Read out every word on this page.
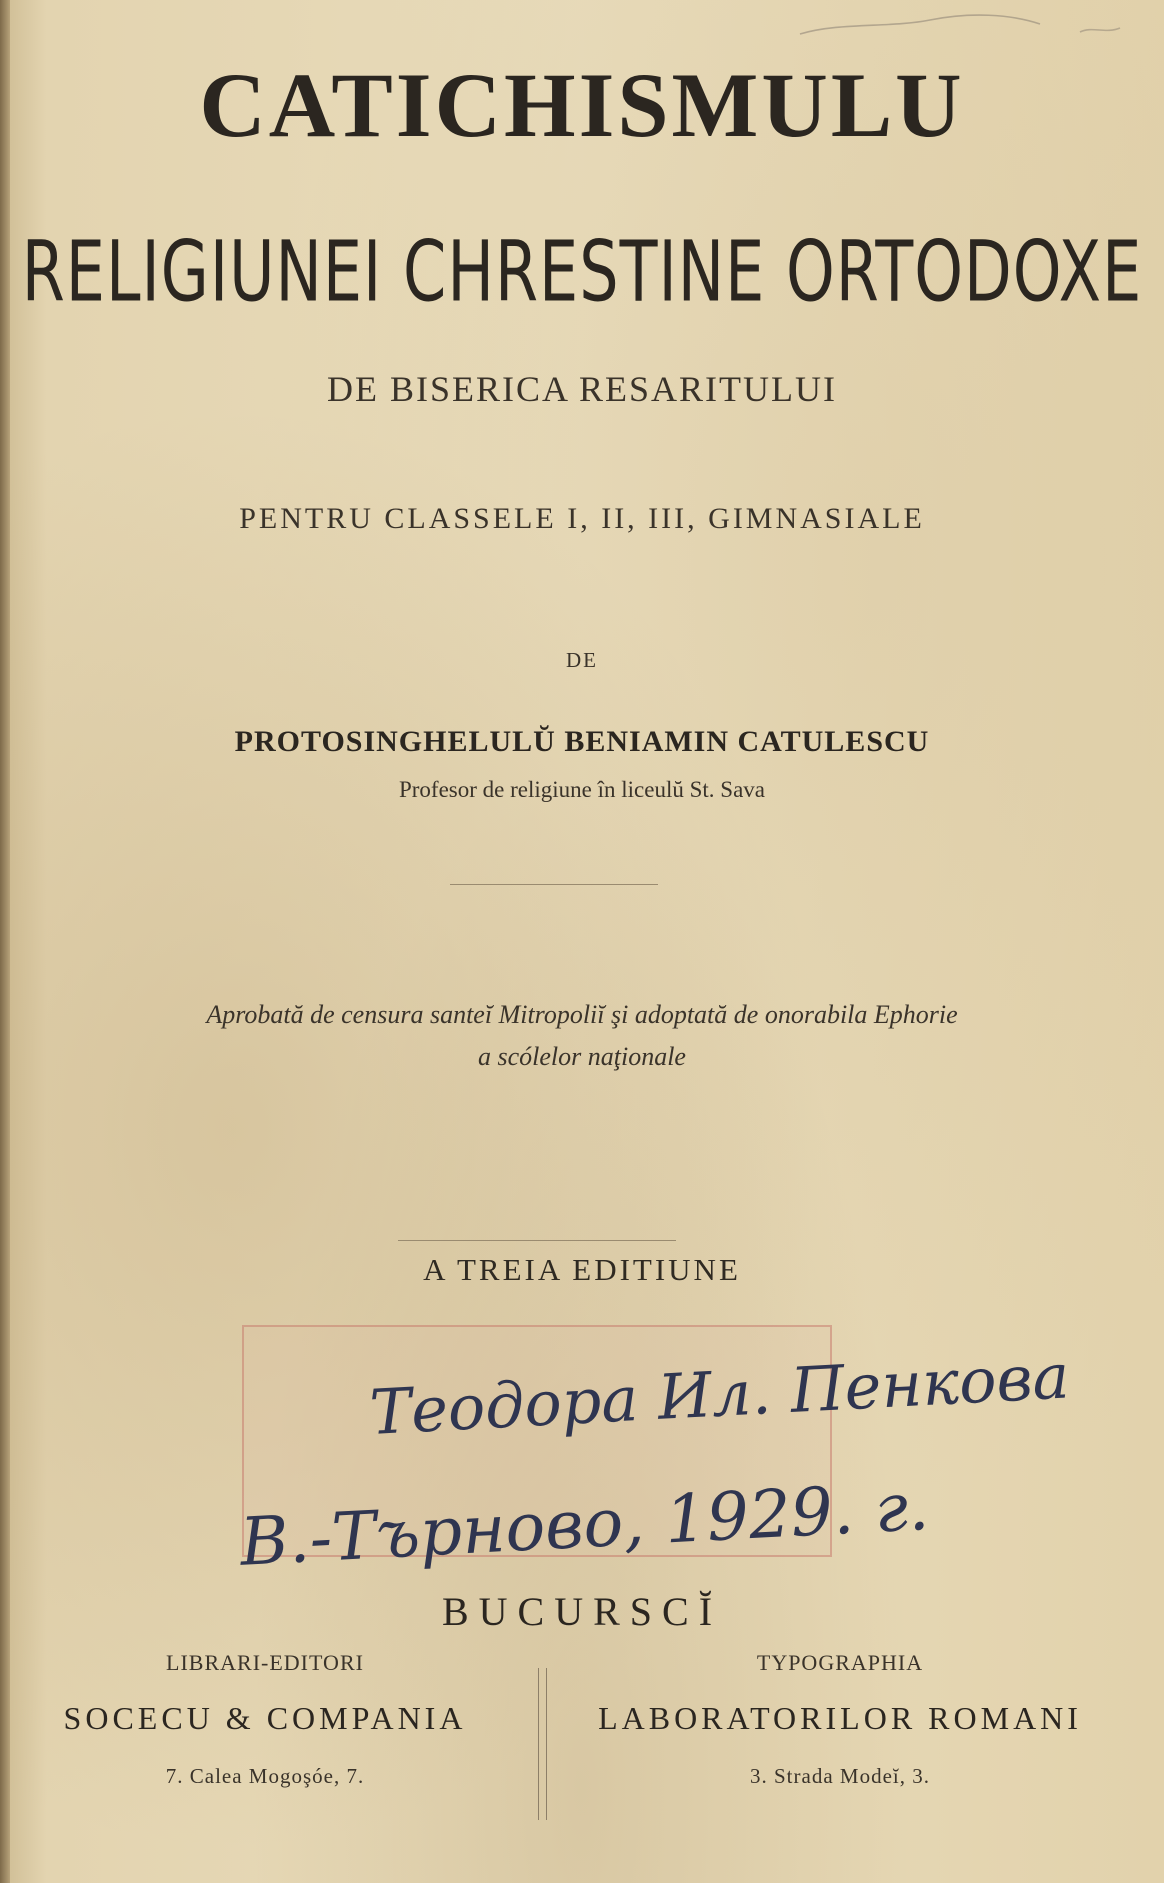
CATICHISMULU
RELIGIUNEI CHRESTINE ORTODOXE
DE BISERICA RESARITULUI
PENTRU CLASSELE I, II, III, GIMNASIALE
DE
PROTOSINGHELULŬ BENIAMIN CATULESCU
Profesor de religiune în liceulŭ St. Sava
Aprobată de censura santeĭ Mitropoliĭ şi adoptată de onorabila Ephorie
a scólelor naţionale
A TREIA EDITIUNE
Теодора Ил. Пенкова
В.-Търново, 1929. г.
BUCURSCĬ
LIBRARI-EDITORI
SOCECU & COMPANIA
7. Calea Mogoşóe, 7.
TYPOGRAPHIA
LABORATORILOR ROMANI
3. Strada Modeĭ, 3.
